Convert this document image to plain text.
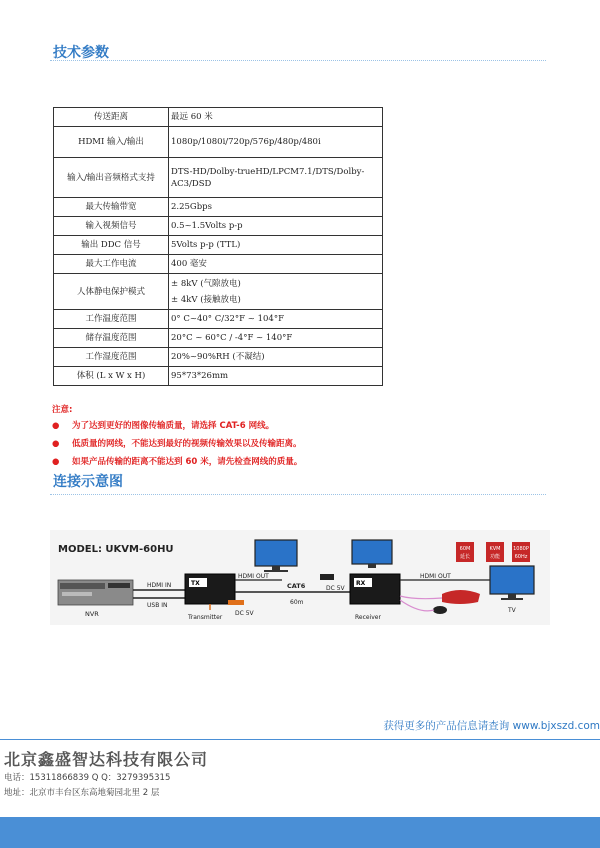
技术参数
传送距离	最远 60 米
HDMI 输入/输出	1080p/1080i/720p/576p/480p/480i
输入/输出音频格式支持	DTS-HD/Dolby-trueHD/LPCM7.1/DTS/Dolby-AC3/DSD
最大传输带宽	2.25Gbps
输入视频信号	0.5~1.5Volts p-p
输出 DDC 信号	5Volts p-p (TTL)
最大工作电流	400 毫安
人体静电保护模式	± 8kV (气隙放电)
± 4kV (接触放电)

工作温度范围	0° C~40° C/32°F ~ 104°F
储存温度范围	20°C ~ 60°C / -4°F ~ 140°F
工作湿度范围	20%~90%RH (不凝结)
体积 (L x W x H)	95*73*26mm
注意:
● 为了达到更好的图像传输质量，请选择 CAT-6 网线。
● 低质量的网线，不能达到最好的视频传输效果以及传输距离。
● 如果产品传输的距离不能达到 60 米，请先检查网线的质量。
连接示意图
MODEL: UKVM-60HU
NVR
HDMI IN
USB IN
TX
Transmitter
HDMI OUT
DC 5V
CAT6
60m
DC 5V
RX
Receiver
60M
延长
KVM
功能
1080P
60Hz
HDMI OUT
TV
获得更多的产品信息请查询 www.bjxszd.com
北京鑫盛智达科技有限公司
电话：15311866839 Q Q：3279395315
地址：北京市丰台区东高地菊园北里 2 层
